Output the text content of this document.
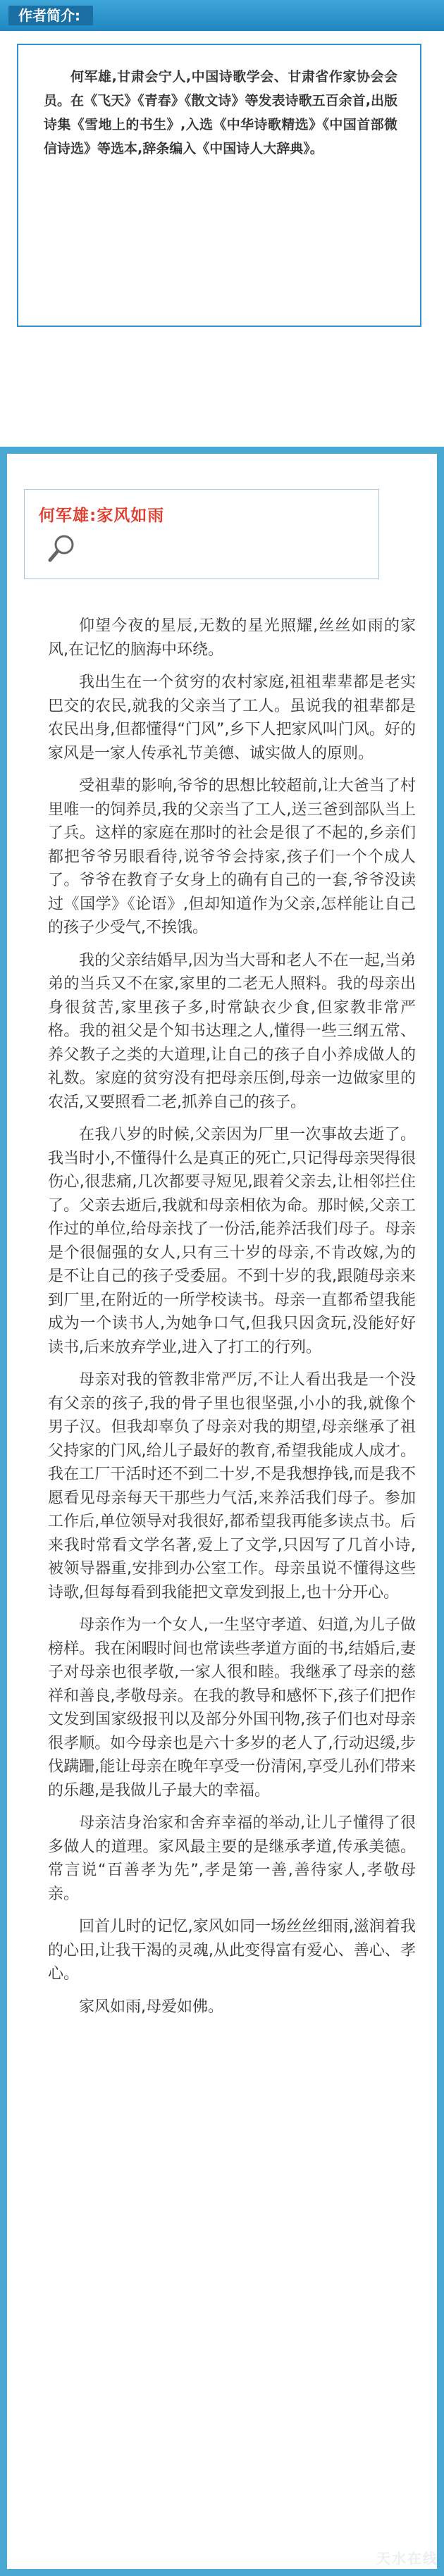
作者简介:

何军雄,甘肃会宁人,中国诗歌学会、甘肃省作家协会会员。在《飞天》《青春》《散文诗》等发表诗歌五百余首,出版诗集《雪地上的书生》,入选《中华诗歌精选》《中国首部微信诗选》等选本,辞条编入《中国诗人大辞典》。

何军雄:家风如雨

仰望今夜的星辰,无数的星光照耀,丝丝如雨的家风,在记忆的脑海中环绕。

我出生在一个贫穷的农村家庭,祖祖辈辈都是老实巴交的农民,就我的父亲当了工人。虽说我的祖辈都是农民出身,但都懂得“门风”,乡下人把家风叫门风。好的家风是一家人传承礼节美德、诚实做人的原则。

受祖辈的影响,爷爷的思想比较超前,让大爸当了村里唯一的饲养员,我的父亲当了工人,送三爸到部队当上了兵。这样的家庭在那时的社会是很了不起的,乡亲们都把爷爷另眼看待,说爷爷会持家,孩子们一个个成人了。爷爷在教育子女身上的确有自己的一套,爷爷没读过《国学》《论语》,但却知道作为父亲,怎样能让自己的孩子少受气,不挨饿。

我的父亲结婚早,因为当大哥和老人不在一起,当弟弟的当兵又不在家,家里的二老无人照料。我的母亲出身很贫苦,家里孩子多,时常缺衣少食,但家教非常严格。我的祖父是个知书达理之人,懂得一些三纲五常、养父教子之类的大道理,让自己的孩子自小养成做人的礼数。家庭的贫穷没有把母亲压倒,母亲一边做家里的农活,又要照看二老,抓养自己的孩子。

在我八岁的时候,父亲因为厂里一次事故去逝了。我当时小,不懂得什么是真正的死亡,只记得母亲哭得很伤心,很悲痛,几次都要寻短见,跟着父亲去,让相邻拦住了。父亲去逝后,我就和母亲相依为命。那时候,父亲工作过的单位,给母亲找了一份活,能养活我们母子。母亲是个很倔强的女人,只有三十岁的母亲,不肯改嫁,为的是不让自己的孩子受委屈。不到十岁的我,跟随母亲来到厂里,在附近的一所学校读书。母亲一直都希望我能成为一个读书人,为她争口气,但我只因贪玩,没能好好读书,后来放弃学业,进入了打工的行列。

母亲对我的管教非常严厉,不让人看出我是一个没有父亲的孩子,我的骨子里也很坚强,小小的我,就像个男子汉。但我却辜负了母亲对我的期望,母亲继承了祖父持家的门风,给儿子最好的教育,希望我能成人成才。我在工厂干活时还不到二十岁,不是我想挣钱,而是我不愿看见母亲每天干那些力气活,来养活我们母子。参加工作后,单位领导对我很好,都希望我再能多读点书。后来我时常看文学名著,爱上了文学,只因写了几首小诗,被领导器重,安排到办公室工作。母亲虽说不懂得这些诗歌,但每每看到我能把文章发到报上,也十分开心。

母亲作为一个女人,一生坚守孝道、妇道,为儿子做榜样。我在闲暇时间也常读些孝道方面的书,结婚后,妻子对母亲也很孝敬,一家人很和睦。我继承了母亲的慈祥和善良,孝敬母亲。在我的教导和感怀下,孩子们把作文发到国家级报刊以及部分外国刊物,孩子们也对母亲很孝顺。如今母亲也是六十多岁的老人了,行动迟缓,步伐蹒跚,能让母亲在晚年享受一份清闲,享受儿孙们带来的乐趣,是我做儿子最大的幸福。

母亲洁身治家和舍弃幸福的举动,让儿子懂得了很多做人的道理。家风最主要的是继承孝道,传承美德。常言说“百善孝为先”,孝是第一善,善待家人,孝敬母亲。

回首儿时的记忆,家风如同一场丝丝细雨,滋润着我的心田,让我干渴的灵魂,从此变得富有爱心、善心、孝心。

家风如雨,母爱如佛。

天水在线
